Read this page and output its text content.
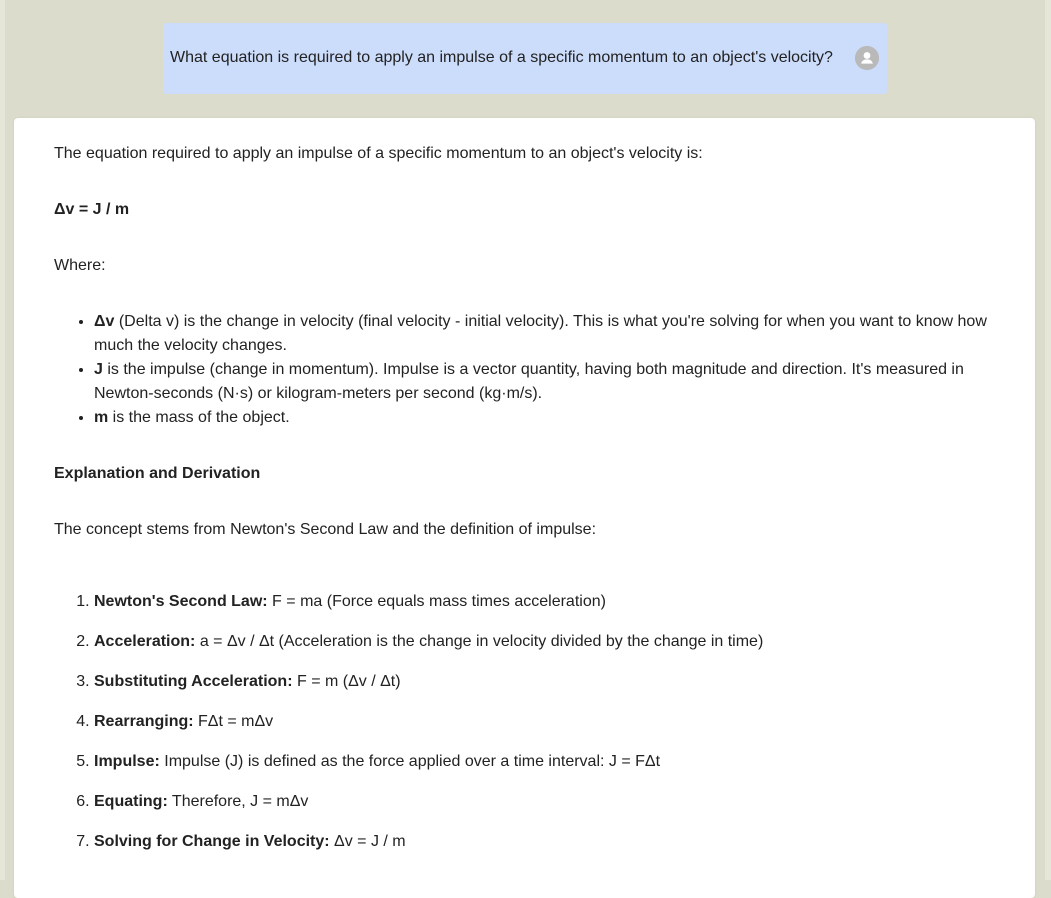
What equation is required to apply an impulse of a specific momentum to an object's velocity?

The equation required to apply an impulse of a specific momentum to an object's velocity is:

Δv = J / m

Where:

• Δv (Delta v) is the change in velocity (final velocity - initial velocity). This is what you're solving for when you want to know how much the velocity changes.
• J is the impulse (change in momentum). Impulse is a vector quantity, having both magnitude and direction. It's measured in Newton-seconds (N·s) or kilogram-meters per second (kg·m/s).
• m is the mass of the object.

Explanation and Derivation

The concept stems from Newton's Second Law and the definition of impulse:

1. Newton's Second Law: F = ma (Force equals mass times acceleration)
2. Acceleration: a = Δv / Δt (Acceleration is the change in velocity divided by the change in time)
3. Substituting Acceleration: F = m (Δv / Δt)
4. Rearranging: FΔt = mΔv
5. Impulse: Impulse (J) is defined as the force applied over a time interval: J = FΔt
6. Equating: Therefore, J = mΔv
7. Solving for Change in Velocity: Δv = J / m
